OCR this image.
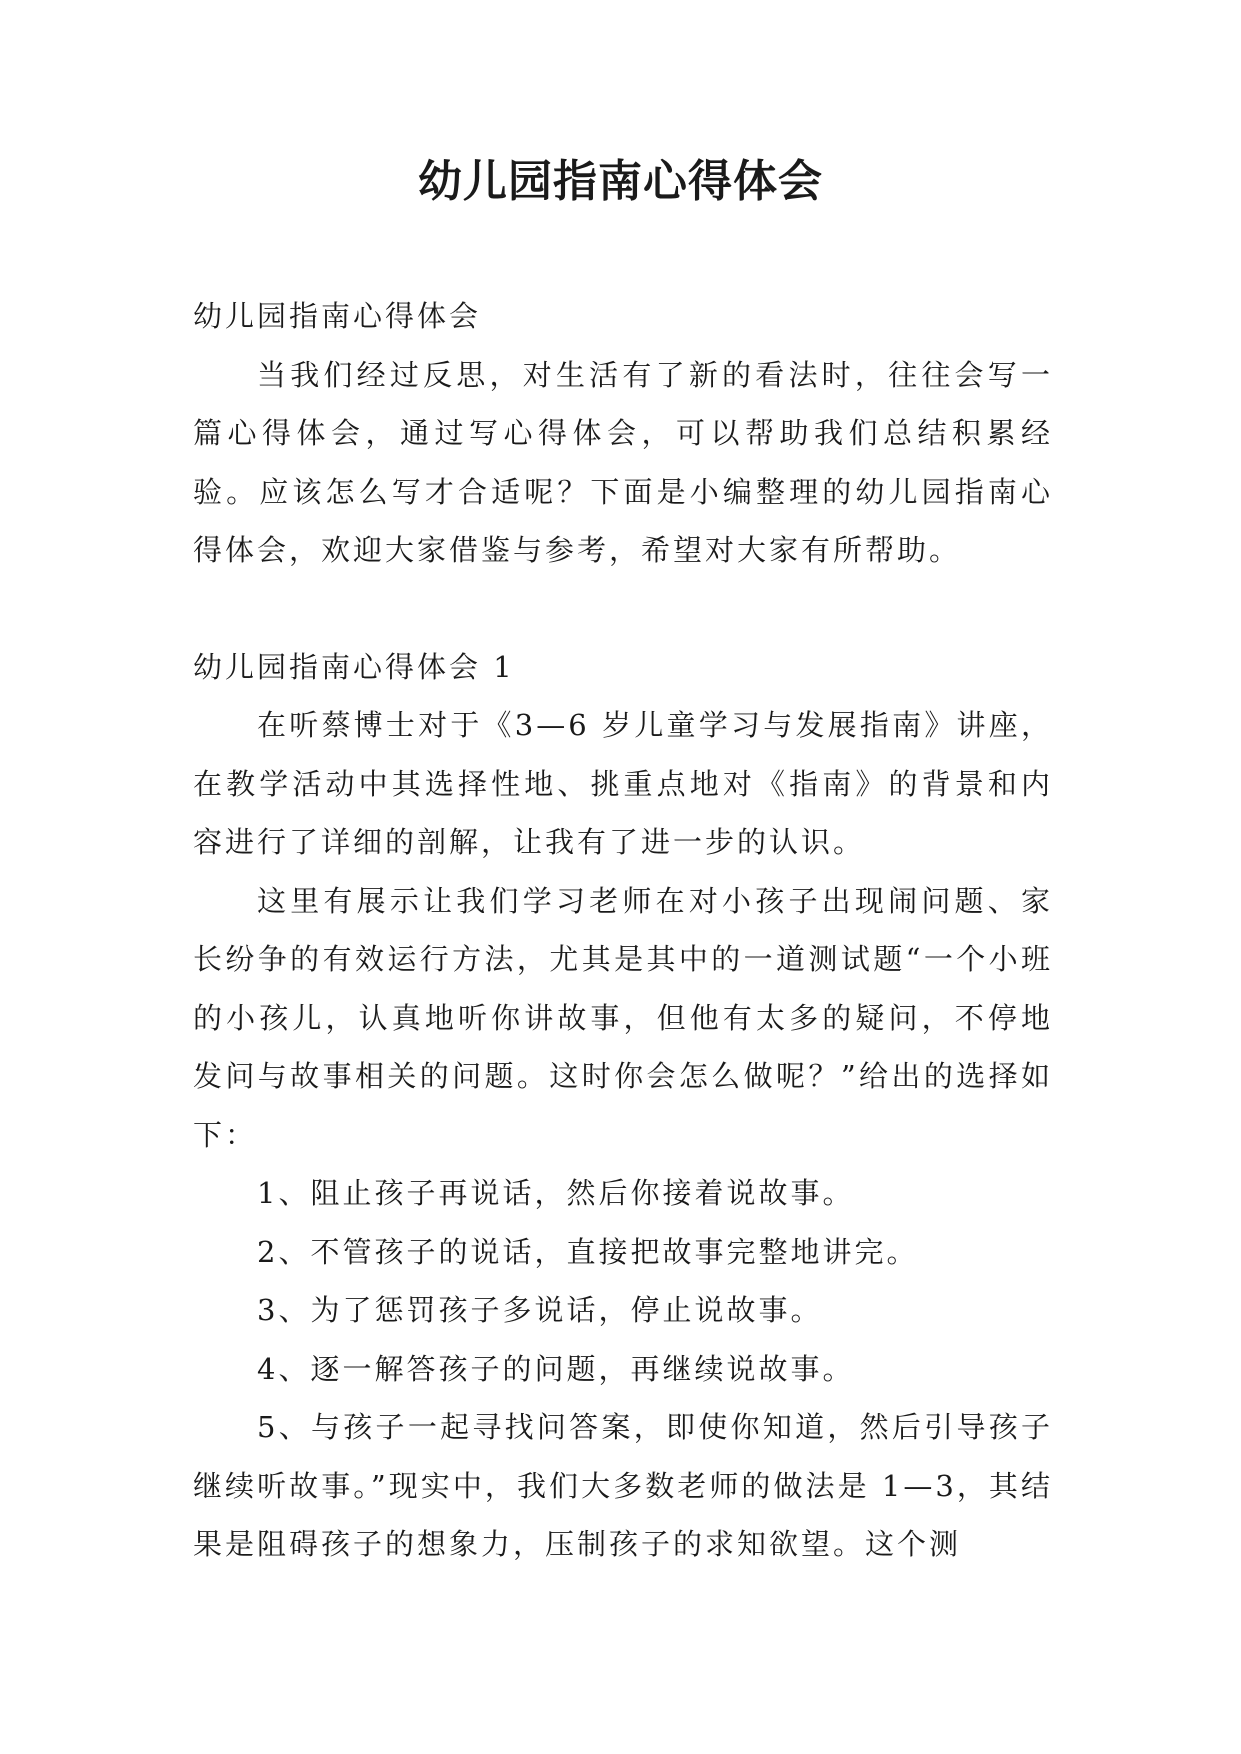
幼儿园指南心得体会

幼儿园指南心得体会

当我们经过反思，对生活有了新的看法时，往往会写一篇心得体会，通过写心得体会，可以帮助我们总结积累经验。应该怎么写才合适呢？下面是小编整理的幼儿园指南心得体会，欢迎大家借鉴与参考，希望对大家有所帮助。

幼儿园指南心得体会 1

在听蔡博士对于《3—6 岁儿童学习与发展指南》讲座，在教学活动中其选择性地、挑重点地对《指南》的背景和内容进行了详细的剖解，让我有了进一步的认识。

这里有展示让我们学习老师在对小孩子出现闹问题、家长纷争的有效运行方法，尤其是其中的一道测试题“一个小班的小孩儿，认真地听你讲故事，但他有太多的疑问，不停地发问与故事相关的问题。这时你会怎么做呢？”给出的选择如下：

1、阻止孩子再说话，然后你接着说故事。

2、不管孩子的说话，直接把故事完整地讲完。

3、为了惩罚孩子多说话，停止说故事。

4、逐一解答孩子的问题，再继续说故事。

5、与孩子一起寻找问答案，即使你知道，然后引导孩子继续听故事。”现实中，我们大多数老师的做法是 1—3，其结果是阻碍孩子的想象力，压制孩子的求知欲望。这个测
